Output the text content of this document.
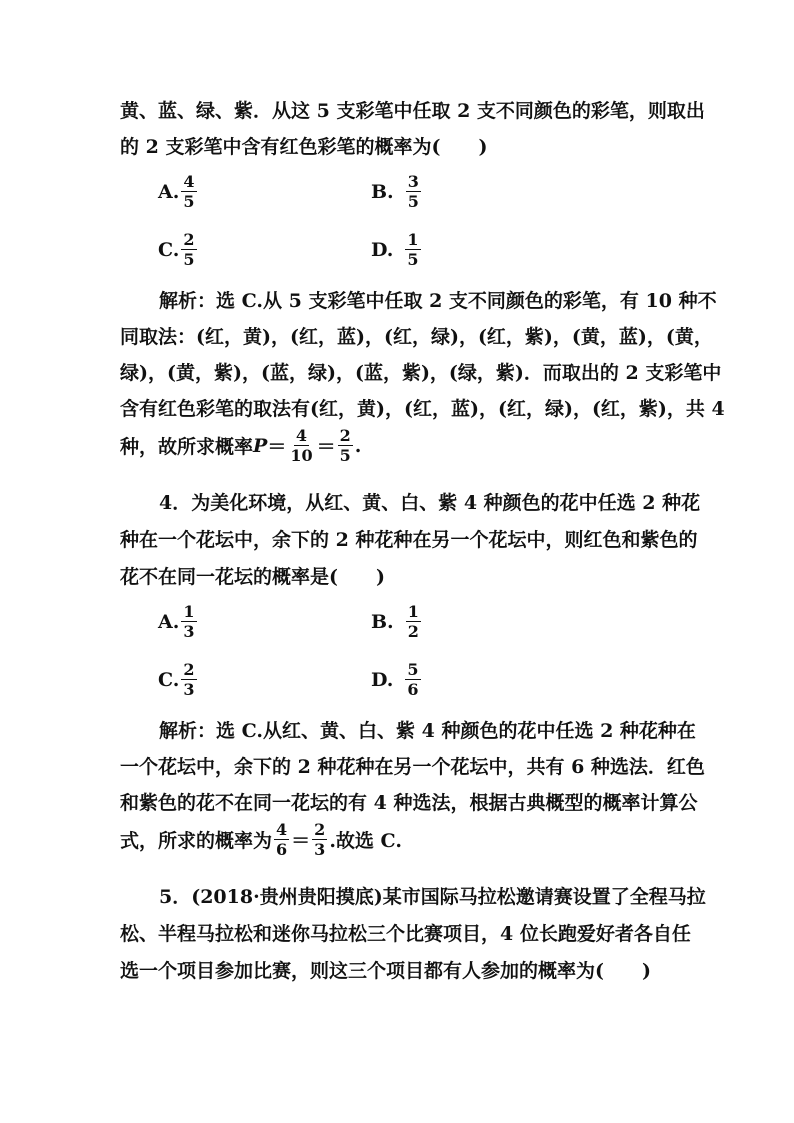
黄、蓝、绿、紫．从这 5 支彩笔中任取 2 支不同颜色的彩笔，则取出
的 2 支彩笔中含有红色彩笔的概率为(　　)
A. $\frac{4}{5}$	B. $\frac{3}{5}$
C. $\frac{2}{5}$	D. $\frac{1}{5}$
解析：选 C.从 5 支彩笔中任取 2 支不同颜色的彩笔，有 10 种不
同取法：(红，黄)，(红，蓝)，(红，绿)，(红，紫)，(黄，蓝)，(黄，
绿)，(黄，紫)，(蓝，绿)，(蓝，紫)，(绿，紫)．而取出的 2 支彩笔中
含有红色彩笔的取法有(红，黄)，(红，蓝)，(红，绿)，(红，紫)，共 4
种，故所求概率 $P = \frac{4}{10} = \frac{2}{5}$ .
4．为美化环境，从红、黄、白、紫 4 种颜色的花中任选 2 种花
种在一个花坛中，余下的 2 种花种在另一个花坛中，则红色和紫色的
花不在同一花坛的概率是(　　)
A. $\frac{1}{3}$	B. $\frac{1}{2}$
C. $\frac{2}{3}$	D. $\frac{5}{6}$
解析：选 C.从红、黄、白、紫 4 种颜色的花中任选 2 种花种在
一个花坛中，余下的 2 种花种在另一个花坛中，共有 6 种选法．红色
和紫色的花不在同一花坛的有 4 种选法，根据古典概型的概率计算公
式，所求的概率为 $\frac{4}{6} = \frac{2}{3}$ .故选 C.
5．(2018·贵州贵阳摸底)某市国际马拉松邀请赛设置了全程马拉
松、半程马拉松和迷你马拉松三个比赛项目，4 位长跑爱好者各自任
选一个项目参加比赛，则这三个项目都有人参加的概率为(　　)
